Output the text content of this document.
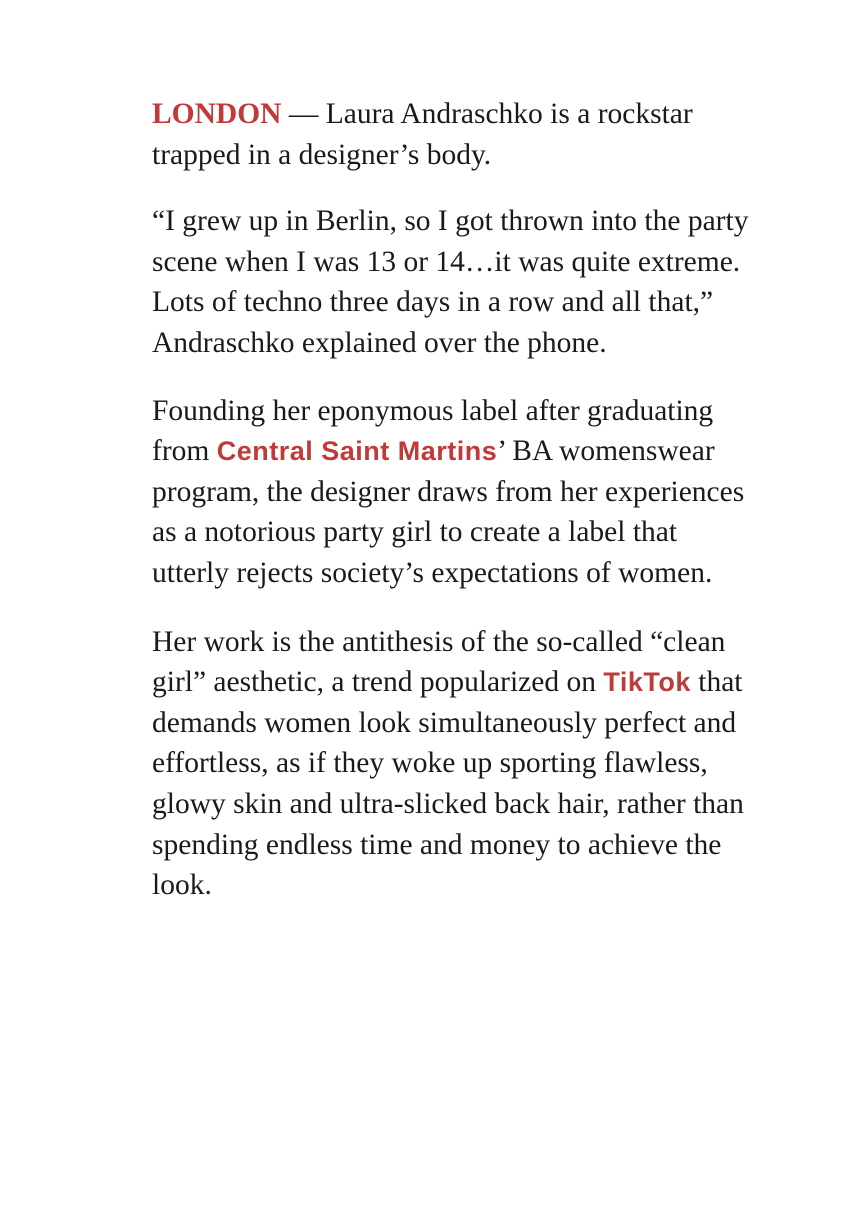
LONDON — Laura Andraschko is a rockstar trapped in a designer’s body.

“I grew up in Berlin, so I got thrown into the party scene when I was 13 or 14…it was quite extreme. Lots of techno three days in a row and all that,” Andraschko explained over the phone.

Founding her eponymous label after graduating from Central Saint Martins’ BA womenswear program, the designer draws from her experiences as a notorious party girl to create a label that utterly rejects society’s expectations of women.

Her work is the antithesis of the so-called “clean girl” aesthetic, a trend popularized on TikTok that demands women look simultaneously perfect and effortless, as if they woke up sporting flawless, glowy skin and ultra-slicked back hair, rather than spending endless time and money to achieve the look.
